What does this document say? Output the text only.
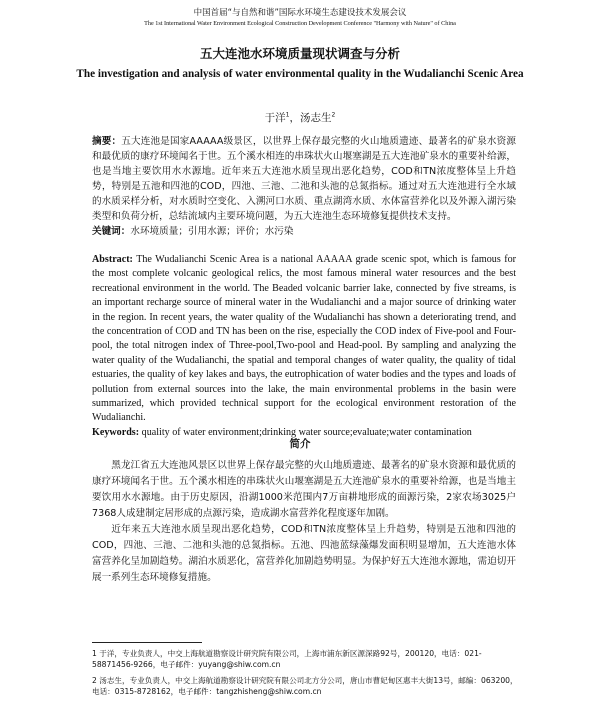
中国首届“与自然和谐”国际水环境生态建设技术发展会议
The 1st International Water Environment Ecological Construction Development Conference "Harmony with Nature" of China
五大连池水环境质量现状调查与分析
The investigation and analysis of water environmental quality in the Wudalianchi Scenic Area
于洋$^1$，汤志生$^2$
摘要：五大连池是国家AAAAA级景区，以世界上保存最完整的火山地质遗迹、最著名的矿泉水资源和最优质的康疗环境闻名于世。五个溪水相连的串珠状火山堰塞湖是五大连池矿泉水的重要补给源，也是当地主要饮用水水源地。近年来五大连池水质呈现出恶化趋势，COD和TN浓度整体呈上升趋势，特别是五池和四池的COD，四池、三池、二池和头池的总氮指标。通过对五大连池进行全水域的水质采样分析，对水质时空变化、入溯河口水质、重点湖湾水质、水体富营养化以及外源入湖污染类型和负荷分析，总结流域内主要环境问题，为五大连池生态环境修复提供技术支持。
关键词：水环境质量；引用水源；评价；水污染
Abstract: The Wudalianchi Scenic Area is a national AAAAA grade scenic spot, which is famous for the most complete volcanic geological relics, the most famous mineral water resources and the best recreational environment in the world. The Beaded volcanic barrier lake, connected by five streams, is an important recharge source of mineral water in the Wudalianchi and a major source of drinking water in the region. In recent years, the water quality of the Wudalianchi has shown a deteriorating trend, and the concentration of COD and TN has been on the rise, especially the COD index of Five-pool and Four-pool, the total nitrogen index of Three-pool,Two-pool and Head-pool. By sampling and analyzing the water quality of the Wudalianchi, the spatial and temporal changes of water quality, the quality of tidal estuaries, the quality of key lakes and bays, the eutrophication of water bodies and the types and loads of pollution from external sources into the lake, the main environmental problems in the basin were summarized, which provided technical support for the ecological environment restoration of the Wudalianchi.
Keywords: quality of water environment;drinking water source;evaluate;water contamination
简介

黑龙江省五大连池风景区以世界上保存最完整的火山地质遗迹、最著名的矿泉水资源和最优质的康疗环境闻名于世。五个溪水相连的串珠状火山堰塞湖是五大连池矿泉水的重要补给源，也是当地主要饮用水水源地。由于历史原因，沿湖1000米范围内7万亩耕地形成的面源污染，2家农场3025户7368人成建制定居形成的点源污染，造成湖水富营养化程度逐年加剧。

近年来五大连池水质呈现出恶化趋势，COD和TN浓度整体呈上升趋势，特别是五池和四池的COD，四池、三池、二池和头池的总氮指标。五池、四池蓝绿藻爆发面积明显增加，五大连池水体富营养化呈加剧趋势。湖泊水质恶化，富营养化加剧趋势明显。为保护好五大连池水源地，需迫切开展一系列生态环境修复措施。

1 于洋，专业负责人，中交上海航道勘察设计研究院有限公司，上海市浦东新区源深路92号，200120，电话：021-58871456-9266，电子邮件：yuyang@shiw.com.cn
2 汤志生，专业负责人，中交上海航道勘察设计研究院有限公司北方分公司，唐山市曹妃甸区惠丰大街13号，邮编：063200，电话：0315-8728162，电子邮件：tangzhisheng@shiw.com.cn
